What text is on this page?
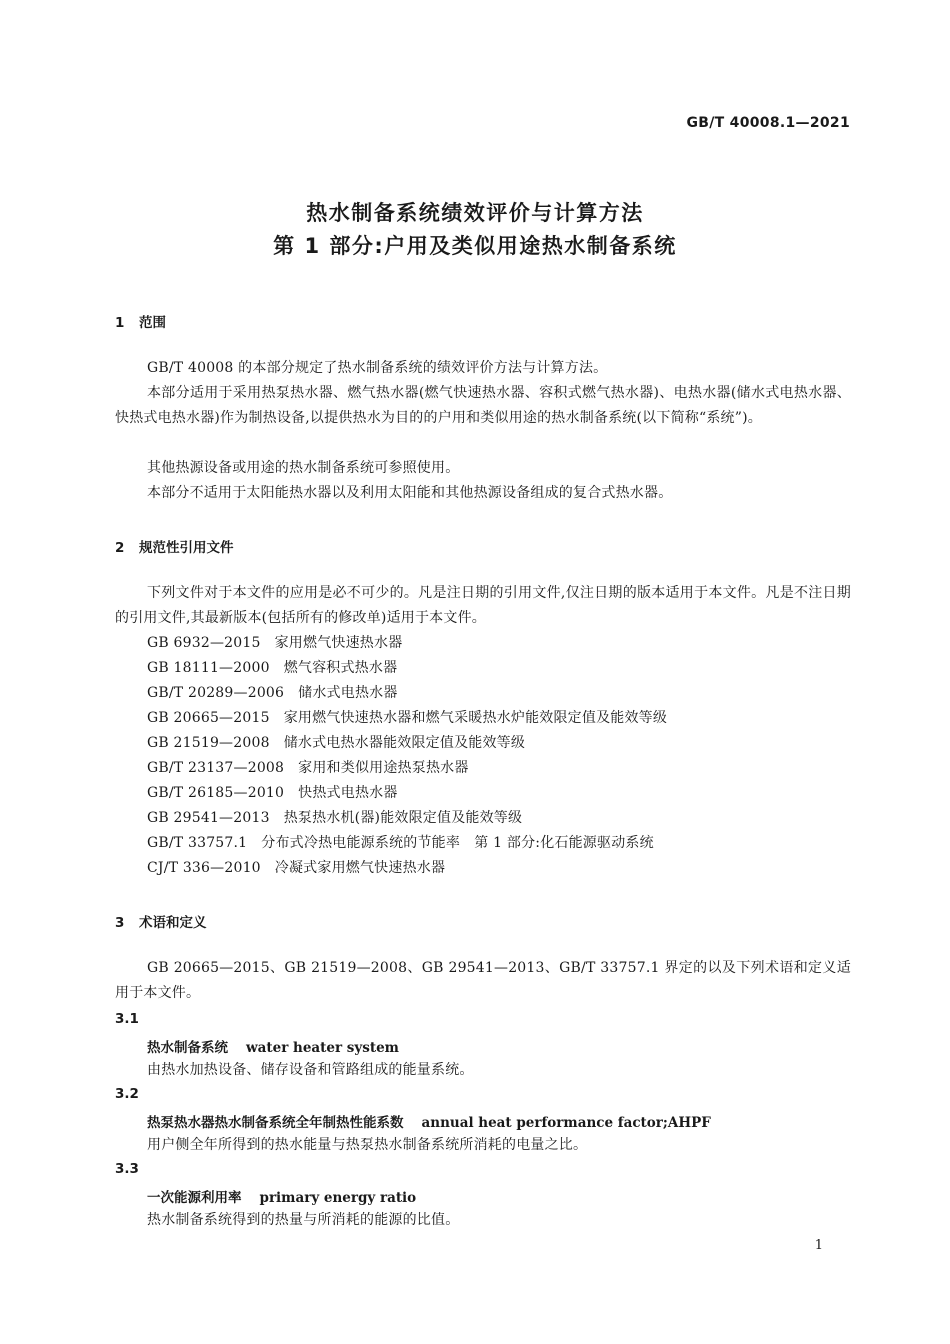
GB/T 40008.1—2021
热水制备系统绩效评价与计算方法
第 1 部分:户用及类似用途热水制备系统
1 范围

GB/T 40008 的本部分规定了热水制备系统的绩效评价方法与计算方法。

本部分适用于采用热泵热水器、燃气热水器(燃气快速热水器、容积式燃气热水器)、电热水器(储水式电热水器、快热式电热水器)作为制热设备,以提供热水为目的的户用和类似用途的热水制备系统(以下简称“系统”)。

其他热源设备或用途的热水制备系统可参照使用。

本部分不适用于太阳能热水器以及利用太阳能和其他热源设备组成的复合式热水器。

2 规范性引用文件

下列文件对于本文件的应用是必不可少的。凡是注日期的引用文件,仅注日期的版本适用于本文件。凡是不注日期的引用文件,其最新版本(包括所有的修改单)适用于本文件。

GB 6932—2015 家用燃气快速热水器
GB 18111—2000 燃气容积式热水器
GB/T 20289—2006 储水式电热水器
GB 20665—2015 家用燃气快速热水器和燃气采暖热水炉能效限定值及能效等级
GB 21519—2008 储水式电热水器能效限定值及能效等级
GB/T 23137—2008 家用和类似用途热泵热水器
GB/T 26185—2010 快热式电热水器
GB 29541—2013 热泵热水机(器)能效限定值及能效等级
GB/T 33757.1 分布式冷热电能源系统的节能率　第 1 部分:化石能源驱动系统
CJ/T 336—2010 冷凝式家用燃气快速热水器
3 术语和定义

GB 20665—2015、GB 21519—2008、GB 29541—2013、GB/T 33757.1 界定的以及下列术语和定义适用于本文件。

3.1
热水制备系统 water heater system
由热水加热设备、储存设备和管路组成的能量系统。
3.2
热泵热水器热水制备系统全年制热性能系数 annual heat performance factor;AHPF
用户侧全年所得到的热水能量与热泵热水制备系统所消耗的电量之比。
3.3
一次能源利用率 primary energy ratio
热水制备系统得到的热量与所消耗的能源的比值。
1
